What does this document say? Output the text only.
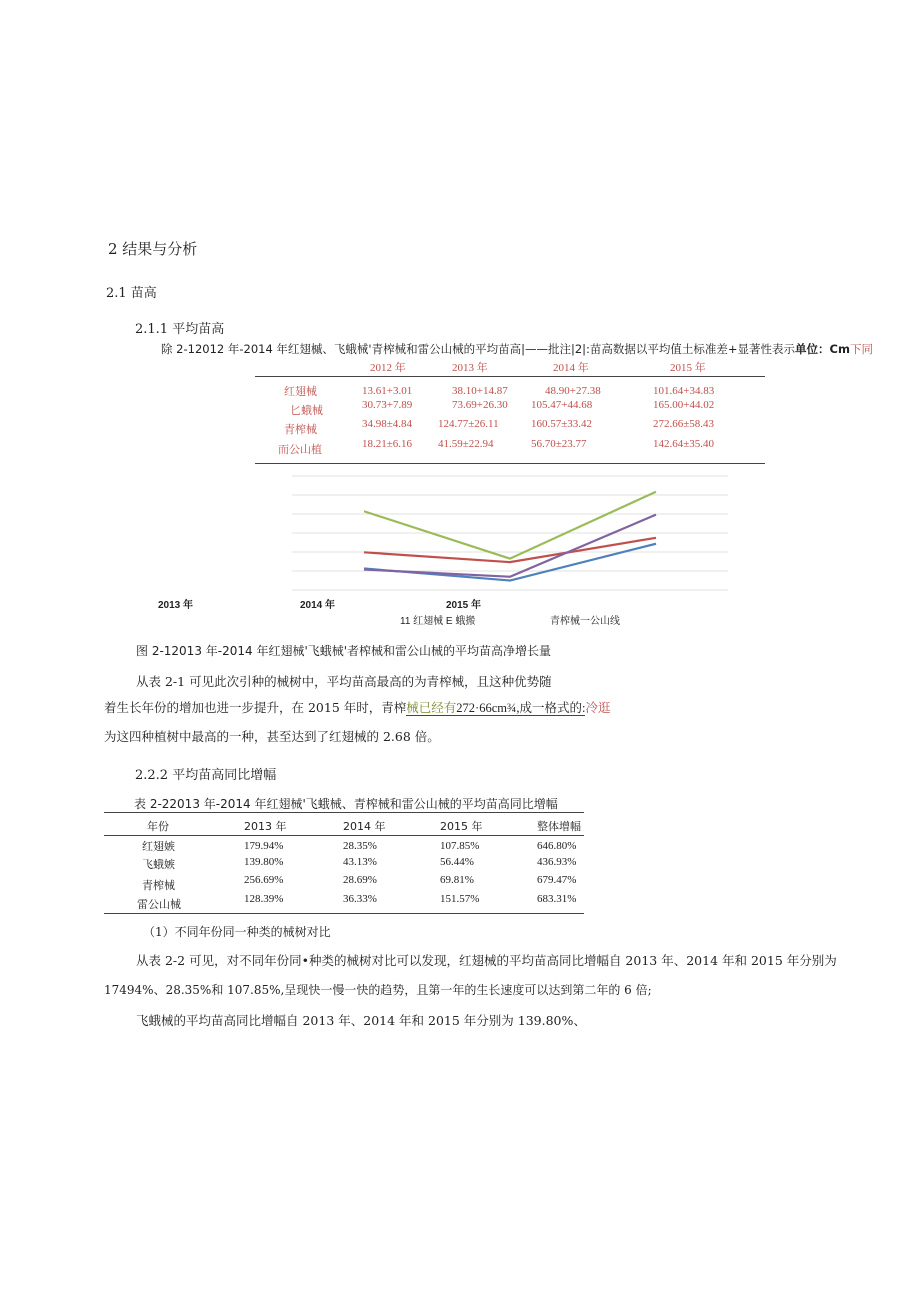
2 结果与分析
2.1 苗高
2.1.1 平均苗高
除 2-12012 年-2014 年红翅槭、飞蛾械'青榨械和雷公山械的平均苗高|——批注|2|:苗高数据以平均值土标准差+显著性表示单位：Cm下同
2012 年	2013 年	2014 年	2015 年
红翅械	13.61+3.01	38.10+14.87	48.90+27.38	101.64+34.83
匕蛾械	30.73+7.89	73.69+26.30 105.47+44.68	165.00+44.02
青榨械	34.98±4.84 124.77±26.11	160.57±33.42	272.66±58.43
而公山植	18.21±6.16 41.59±22.94	56.70±23.77	142.64±35.40
2013 年	2014 年	2015 年
11 红翅械 E 蛾搬	青榨械一公山线
图 2-12013 年-2014 年红翅械'飞蛾械'者榨械和雷公山械的平均苗高净增长量
从表 2-1 可见此次引种的械树中，平均苗高最高的为青榨械，且这种优势随
着生长年份的增加也进一步提升，在 2015 年时，青榨械已经有272·66cm¾,成一格式的:冷逛
为这四种植树中最高的一种，甚至达到了红翅械的 2.68 倍。
2.2.2 平均苗高同比增幅
表 2-22013 年-2014 年红翅械'飞蛾械、青榨械和雷公山械的平均苗高同比增幅
年份	2013 年	2014 年	2015 年	整体增幅
红翅嫉	179.94%	28.35%	107.85%	646.80%
飞蛾嫉	139.80%	43.13%	56.44%	436.93%
青榨械	256.69%	28.69%	69.81%	679.47%
雷公山械	128.39%	36.33%	151.57%	683.31%
（1）不同年份同一种类的械树对比
从表 2-2 可见，对不同年份同•种类的械树对比可以发现，红翅械的平均苗高同比增幅自 2013 年、2014 年和 2015 年分别为
17494%、28.35%和 107.85%,呈现快一慢一快的趋势，且第一年的生长速度可以达到第二年的 6 倍;
飞蛾械的平均苗高同比增幅自 2013 年、2014 年和 2015 年分别为 139.80%、
